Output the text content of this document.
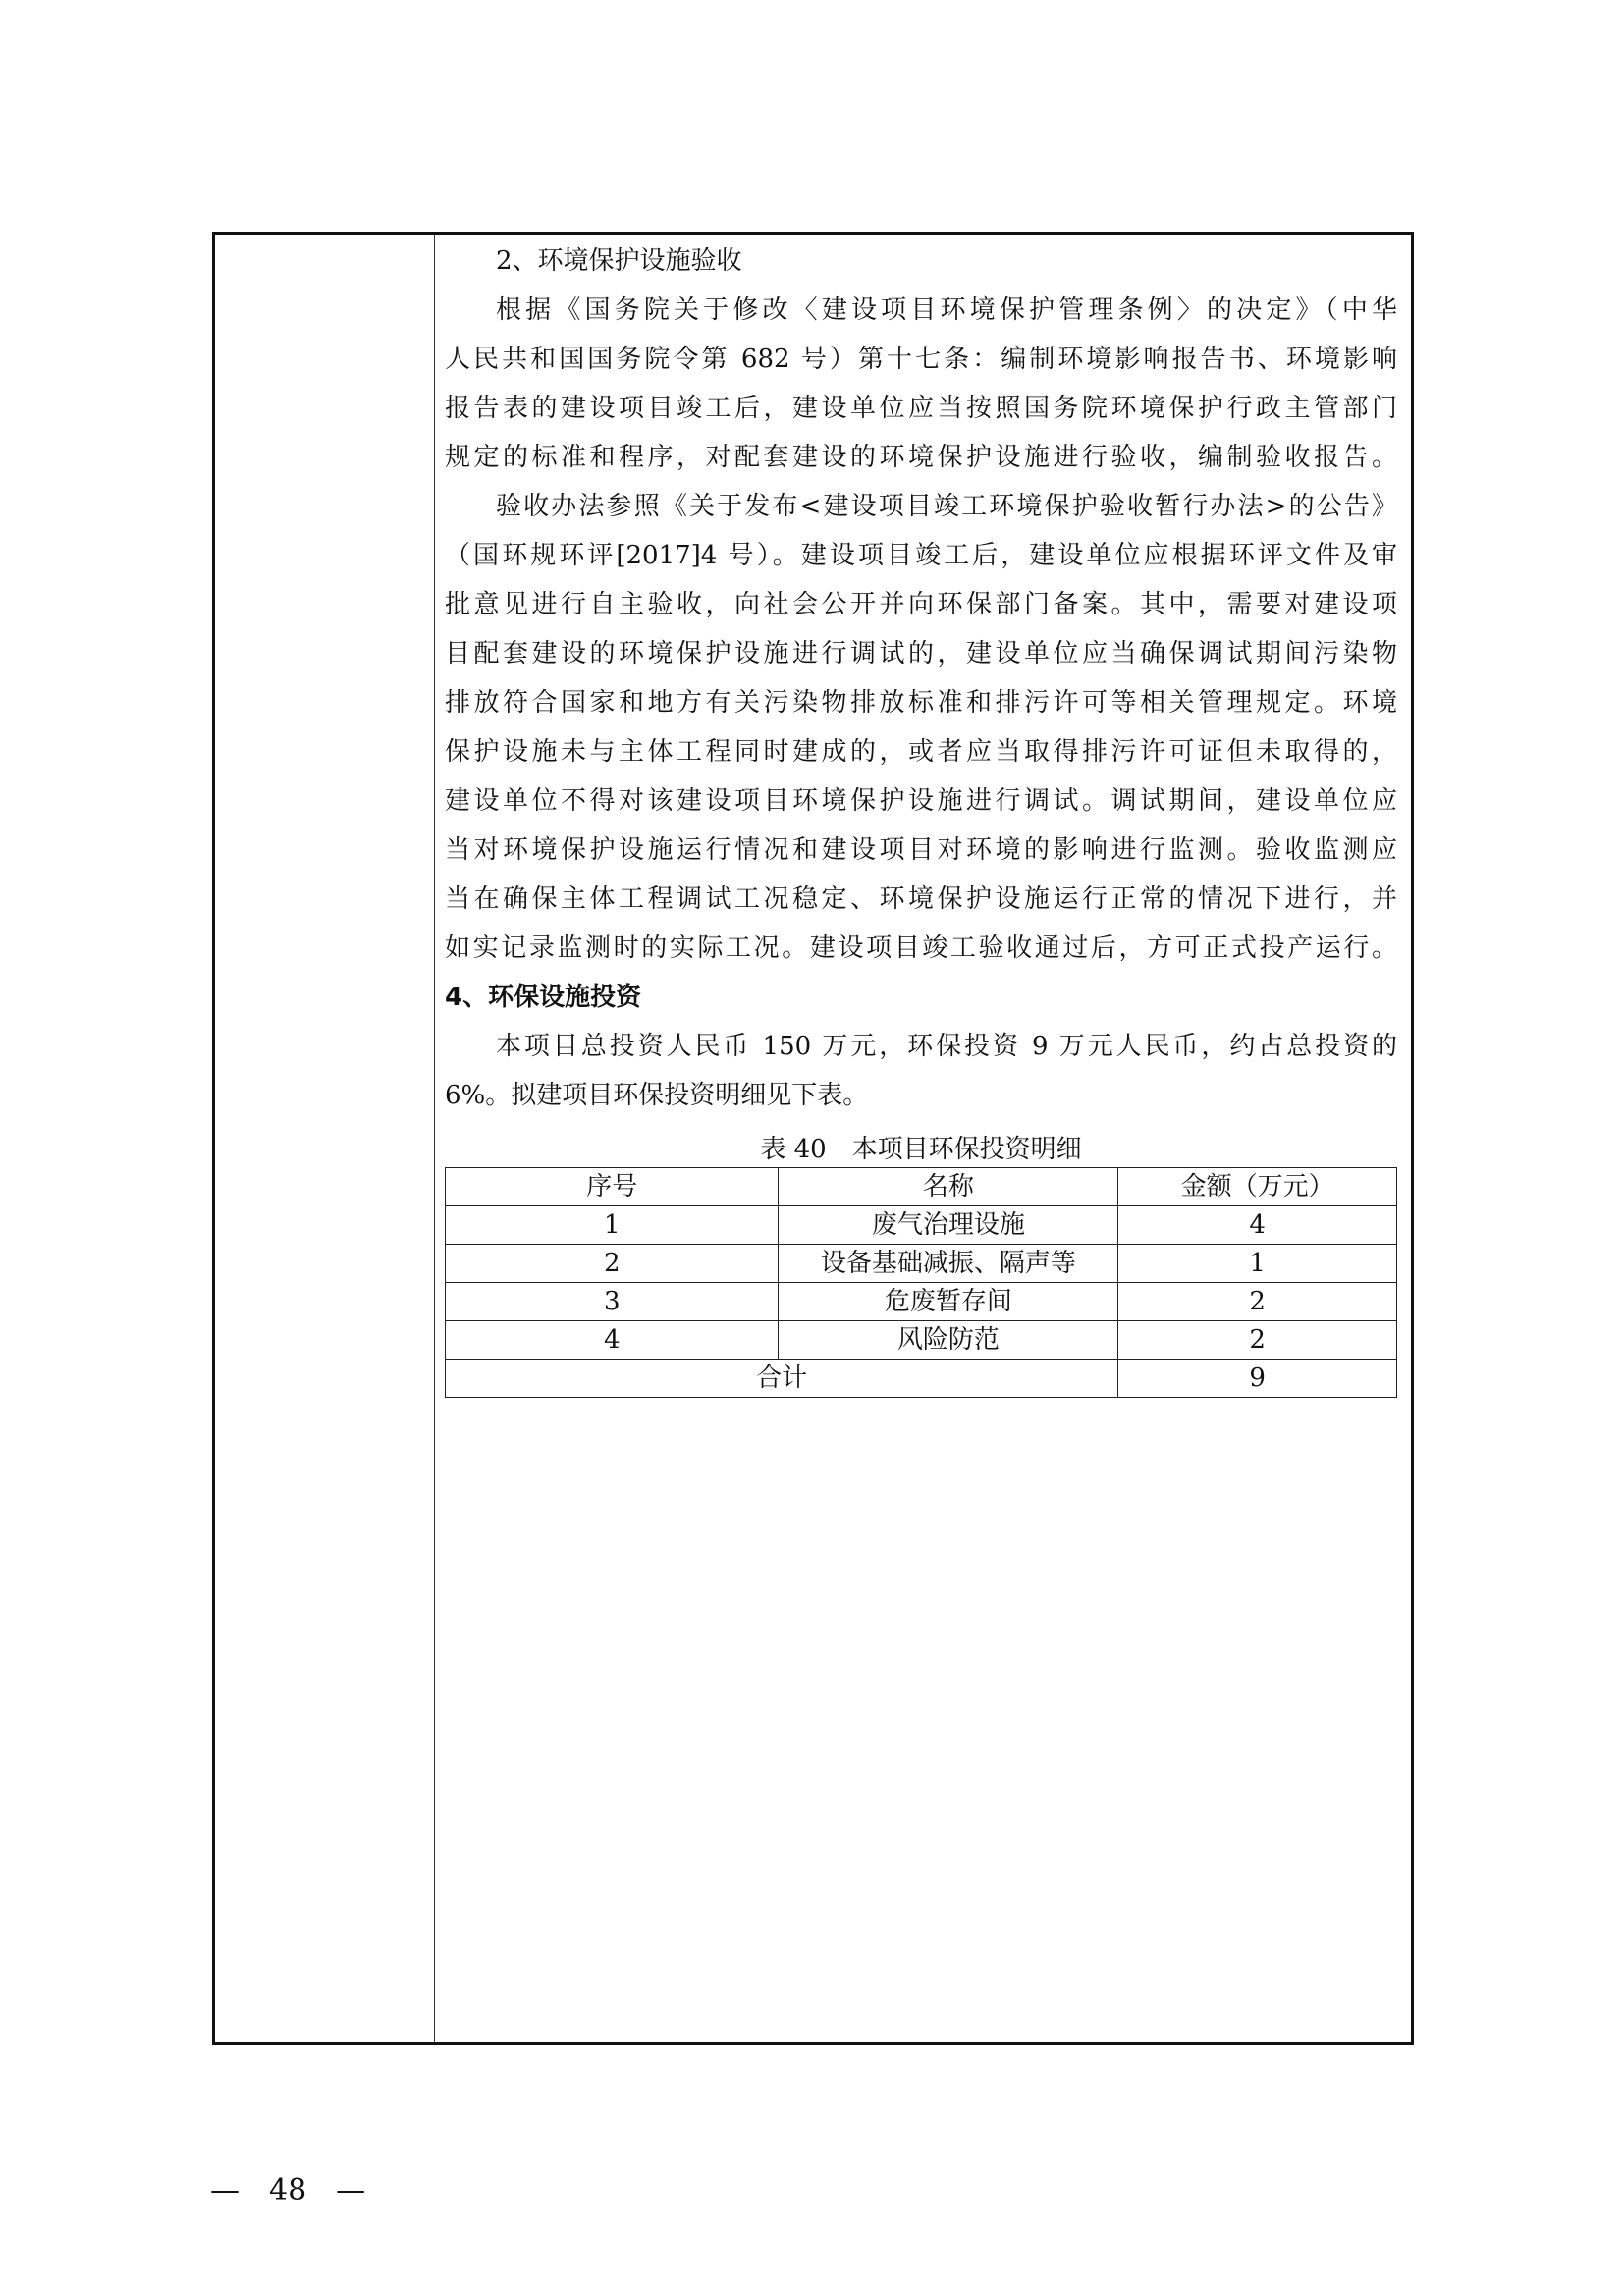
2、环境保护设施验收
根据《国务院关于修改〈建设项目环境保护管理条例〉的决定》（中华
人民共和国国务院令第 682 号）第十七条：编制环境影响报告书、环境影响
报告表的建设项目竣工后，建设单位应当按照国务院环境保护行政主管部门
规定的标准和程序，对配套建设的环境保护设施进行验收，编制验收报告。
验收办法参照《关于发布<建设项目竣工环境保护验收暂行办法>的公告》
（国环规环评[2017]4 号）。建设项目竣工后，建设单位应根据环评文件及审
批意见进行自主验收，向社会公开并向环保部门备案。其中，需要对建设项
目配套建设的环境保护设施进行调试的，建设单位应当确保调试期间污染物
排放符合国家和地方有关污染物排放标准和排污许可等相关管理规定。环境
保护设施未与主体工程同时建成的，或者应当取得排污许可证但未取得的，
建设单位不得对该建设项目环境保护设施进行调试。调试期间，建设单位应
当对环境保护设施运行情况和建设项目对环境的影响进行监测。验收监测应
当在确保主体工程调试工况稳定、环境保护设施运行正常的情况下进行，并
如实记录监测时的实际工况。建设项目竣工验收通过后，方可正式投产运行。
4、环保设施投资
本项目总投资人民币 150 万元，环保投资 9 万元人民币，约占总投资的
6%。拟建项目环保投资明细见下表。
表 40　本项目环保投资明细
序号	名称	金额（万元）
1	废气治理设施	4
2	设备基础减振、隔声等	1
3	危废暂存间	2
4	风险防范	2
合计		9
—　48　—
